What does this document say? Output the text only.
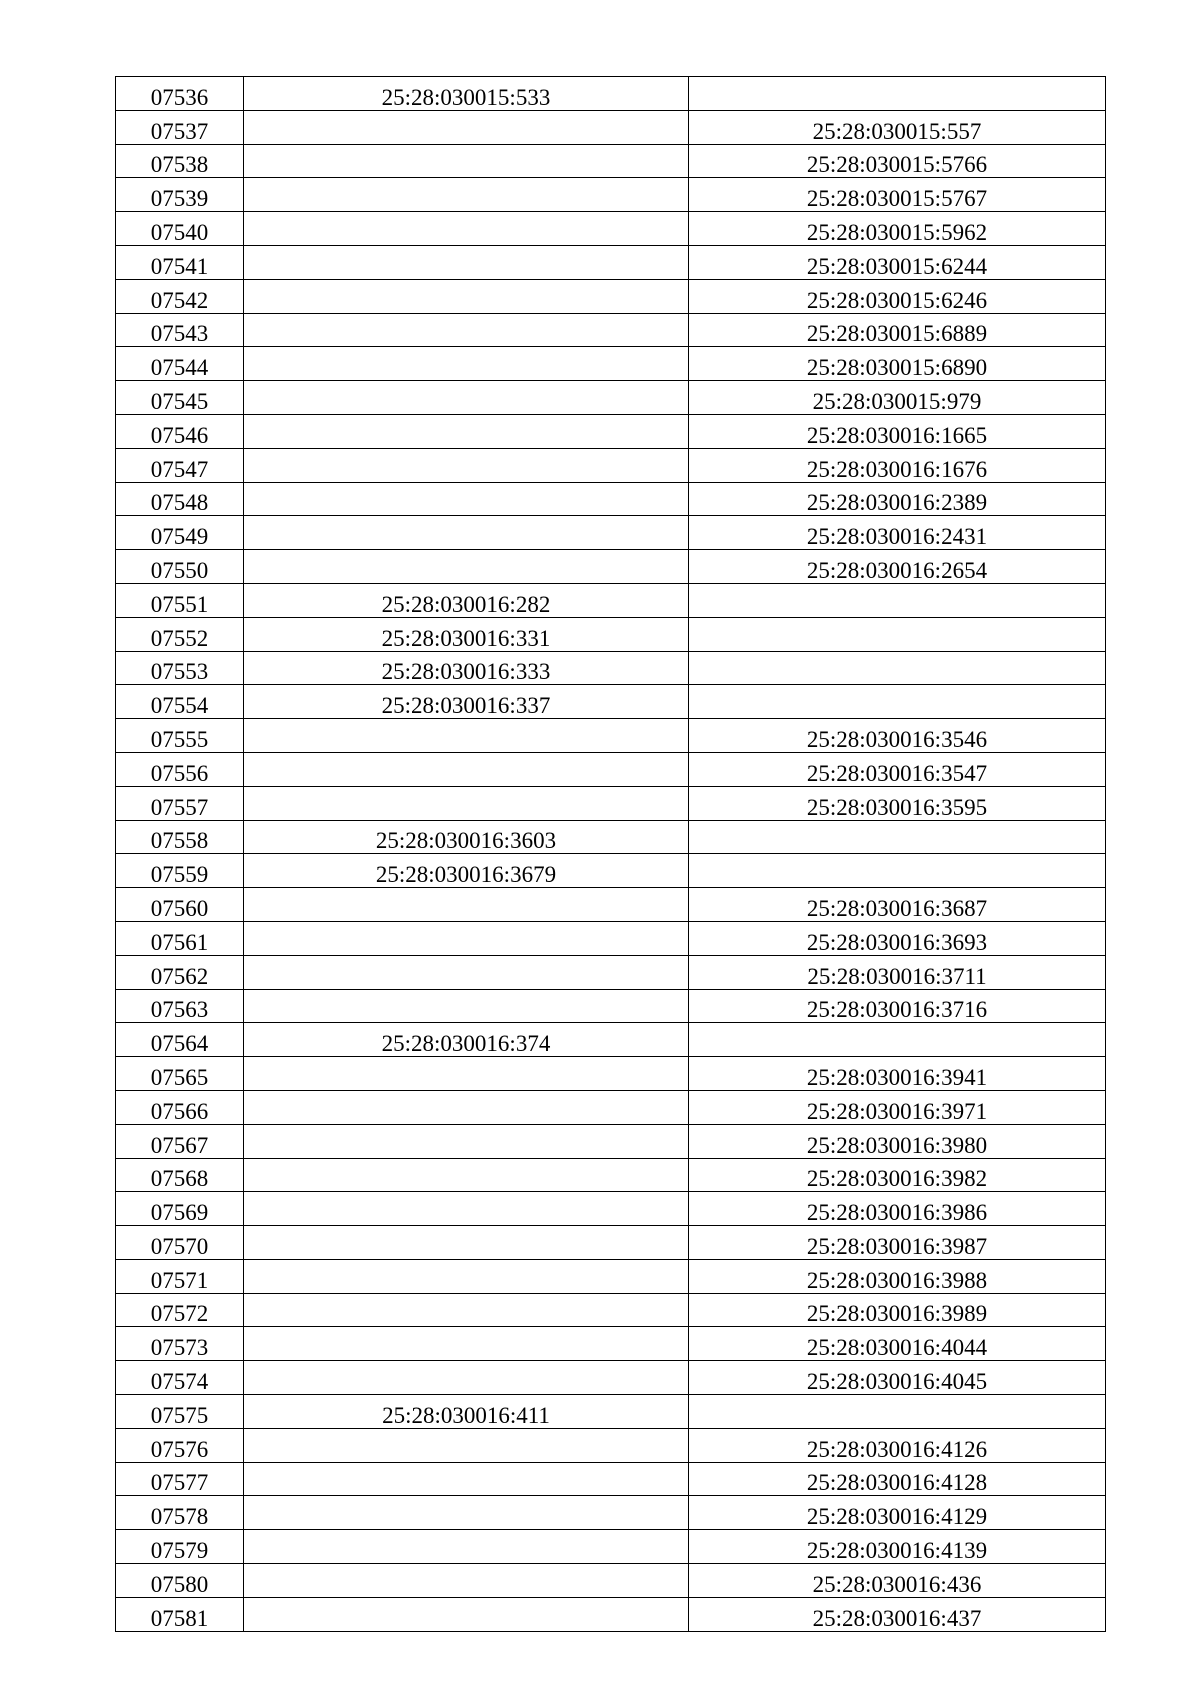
07536	25:28:030015:533	
07537		25:28:030015:557
07538		25:28:030015:5766
07539		25:28:030015:5767
07540		25:28:030015:5962
07541		25:28:030015:6244
07542		25:28:030015:6246
07543		25:28:030015:6889
07544		25:28:030015:6890
07545		25:28:030015:979
07546		25:28:030016:1665
07547		25:28:030016:1676
07548		25:28:030016:2389
07549		25:28:030016:2431
07550		25:28:030016:2654
07551	25:28:030016:282	
07552	25:28:030016:331	
07553	25:28:030016:333	
07554	25:28:030016:337	
07555		25:28:030016:3546
07556		25:28:030016:3547
07557		25:28:030016:3595
07558	25:28:030016:3603	
07559	25:28:030016:3679	
07560		25:28:030016:3687
07561		25:28:030016:3693
07562		25:28:030016:3711
07563		25:28:030016:3716
07564	25:28:030016:374	
07565		25:28:030016:3941
07566		25:28:030016:3971
07567		25:28:030016:3980
07568		25:28:030016:3982
07569		25:28:030016:3986
07570		25:28:030016:3987
07571		25:28:030016:3988
07572		25:28:030016:3989
07573		25:28:030016:4044
07574		25:28:030016:4045
07575	25:28:030016:411	
07576		25:28:030016:4126
07577		25:28:030016:4128
07578		25:28:030016:4129
07579		25:28:030016:4139
07580		25:28:030016:436
07581		25:28:030016:437
